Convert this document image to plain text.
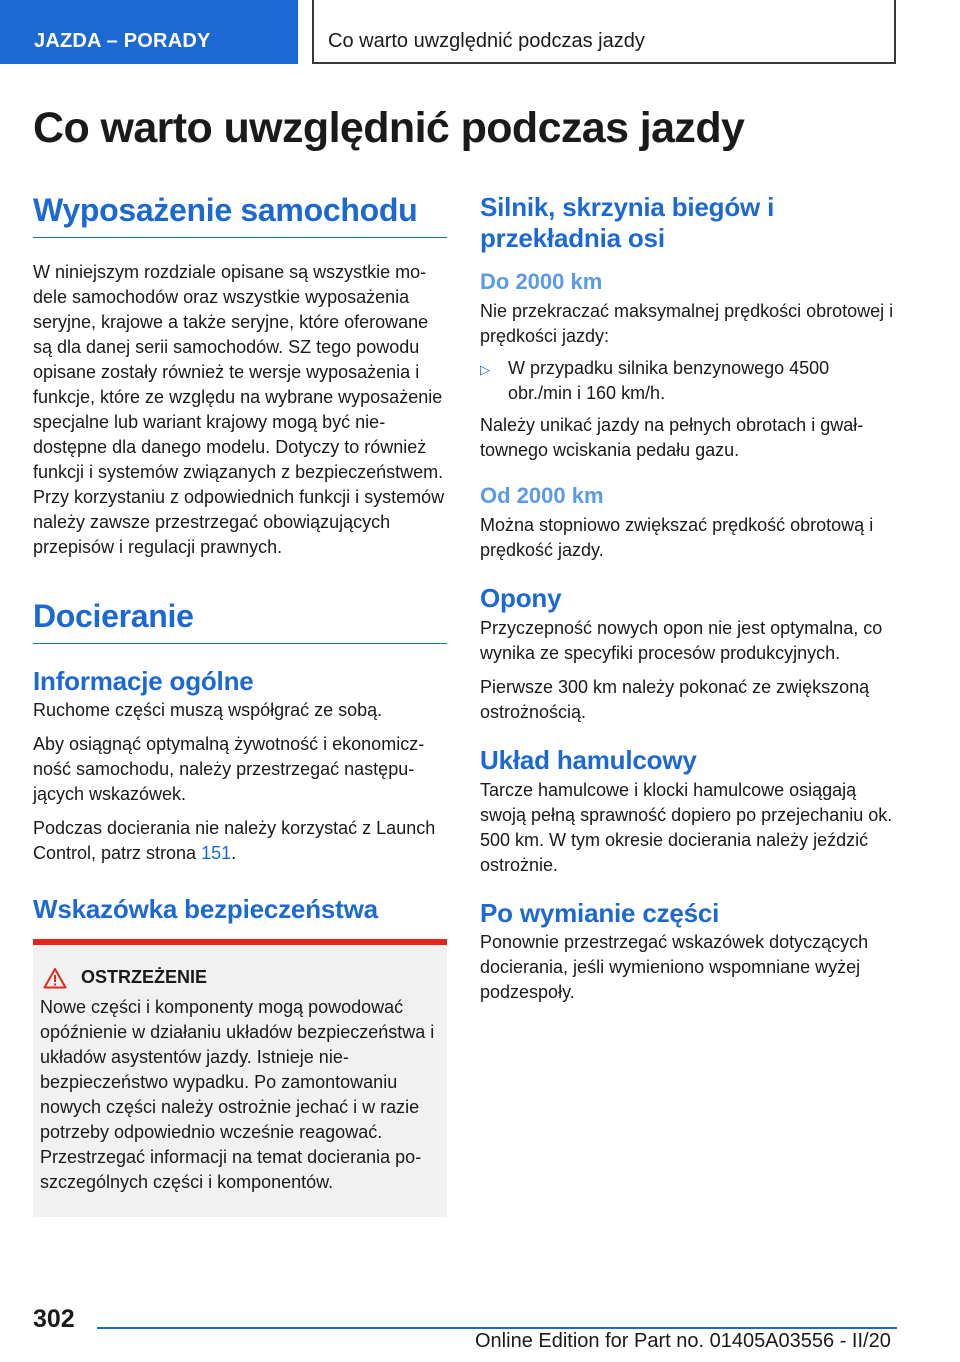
JAZDA – PORADY	Co warto uwzględnić podczas jazdy
Co warto uwzględnić podczas jazdy
Wyposażenie samochodu

W niniejszym rozdziale opisane są wszystkie modele samochodów oraz wszystkie wyposażenia seryjne, krajowe a także seryjne, które oferowane są dla danej serii samochodów. SZ tego powodu opisane zostały również te wersje wyposażenia i funkcje, które ze względu na wybrane wyposażenie specjalne lub wariant krajowy mogą być niedostępne dla danego modelu. Dotyczy to również funkcji i systemów związanych z bezpieczeństwem. Przy korzystaniu z odpowiednich funkcji i systemów należy zawsze przestrzegać obowiązujących przepisów i regulacji prawnych.

Docieranie
Informacje ogólne

Ruchome części muszą współgrać ze sobą.

Aby osiągnąć optymalną żywotność i ekonomiczność samochodu, należy przestrzegać następujących wskazówek.

Podczas docierania nie należy korzystać z Launch Control, patrz strona 151.

Wskazówka bezpieczeństwa
OSTRZEŻENIE

Nowe części i komponenty mogą powodować opóźnienie w działaniu układów bezpieczeństwa i układów asystentów jazdy. Istnieje niebezpieczeństwo wypadku. Po zamontowaniu nowych części należy ostrożnie jechać i w razie potrzeby odpowiednio wcześnie reagować. Przestrzegać informacji na temat docierania poszczególnych części i komponentów.

Silnik, skrzynia biegów i przekładnia osi
Do 2000 km

Nie przekraczać maksymalnej prędkości obrotowej i prędkości jazdy:

▷	W przypadku silnika benzynowego 4500 obr./min i 160 km/h.

Należy unikać jazdy na pełnych obrotach i gwałtownego wciskania pedału gazu.

Od 2000 km

Można stopniowo zwiększać prędkość obrotową i prędkość jazdy.

Opony

Przyczepność nowych opon nie jest optymalna, co wynika ze specyfiki procesów produkcyjnych.

Pierwsze 300 km należy pokonać ze zwiększoną ostrożnością.

Układ hamulcowy

Tarcze hamulcowe i klocki hamulcowe osiągają swoją pełną sprawność dopiero po przejechaniu ok. 500 km. W tym okresie docierania należy jeździć ostrożnie.

Po wymianie części

Ponownie przestrzegać wskazówek dotyczących docierania, jeśli wymieniono wspomniane wyżej podzespoły.

302
Online Edition for Part no. 01405A03556 - II/20
